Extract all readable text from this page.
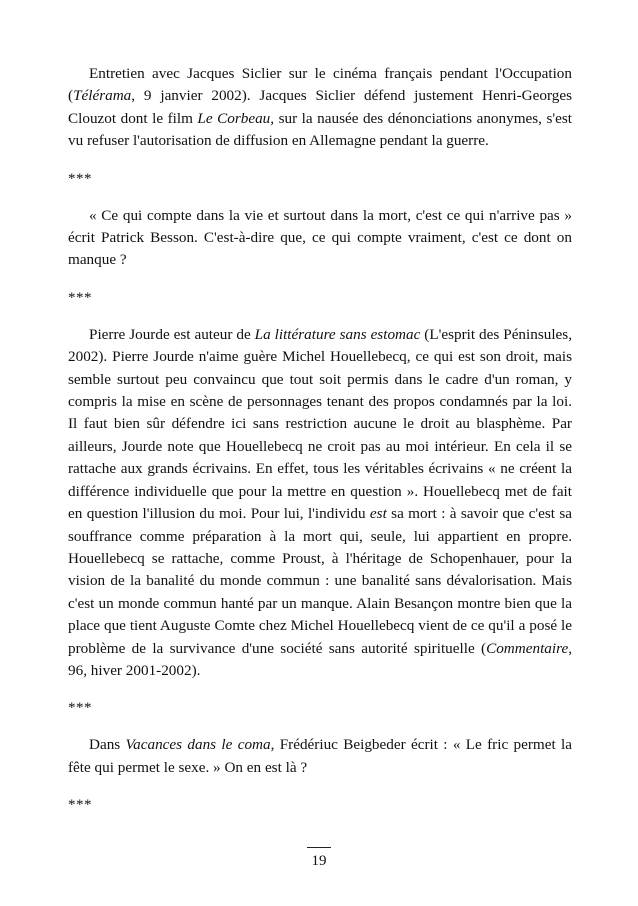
Entretien avec Jacques Siclier sur le cinéma français pendant l'Occupation (Télérama, 9 janvier 2002). Jacques Siclier défend justement Henri-Georges Clouzot dont le film Le Corbeau, sur la nausée des dénonciations anonymes, s'est vu refuser l'autorisation de diffusion en Allemagne pendant la guerre.

***

« Ce qui compte dans la vie et surtout dans la mort, c'est ce qui n'arrive pas » écrit Patrick Besson. C'est-à-dire que, ce qui compte vraiment, c'est ce dont on manque ?

***

Pierre Jourde est auteur de La littérature sans estomac (L'esprit des Péninsules, 2002). Pierre Jourde n'aime guère Michel Houellebecq, ce qui est son droit, mais semble surtout peu convaincu que tout soit permis dans le cadre d'un roman, y compris la mise en scène de personnages tenant des propos condamnés par la loi. Il faut bien sûr défendre ici sans restriction aucune le droit au blasphème. Par ailleurs, Jourde note que Houellebecq ne croit pas au moi intérieur. En cela il se rattache aux grands écrivains. En effet, tous les véritables écrivains « ne créent la différence individuelle que pour la mettre en question ». Houellebecq met de fait en question l'illusion du moi. Pour lui, l'individu est sa mort : à savoir que c'est sa souffrance comme préparation à la mort qui, seule, lui appartient en propre. Houellebecq se rattache, comme Proust, à l'héritage de Schopenhauer, pour la vision de la banalité du monde commun : une banalité sans dévalorisation. Mais c'est un monde commun hanté par un manque. Alain Besançon montre bien que la place que tient Auguste Comte chez Michel Houellebecq vient de ce qu'il a posé le problème de la survivance d'une société sans autorité spirituelle (Commentaire, 96, hiver 2001-2002).

***

Dans Vacances dans le coma, Frédériuc Beigbeder écrit : « Le fric permet la fête qui permet le sexe. » On en est là ?

***

19
